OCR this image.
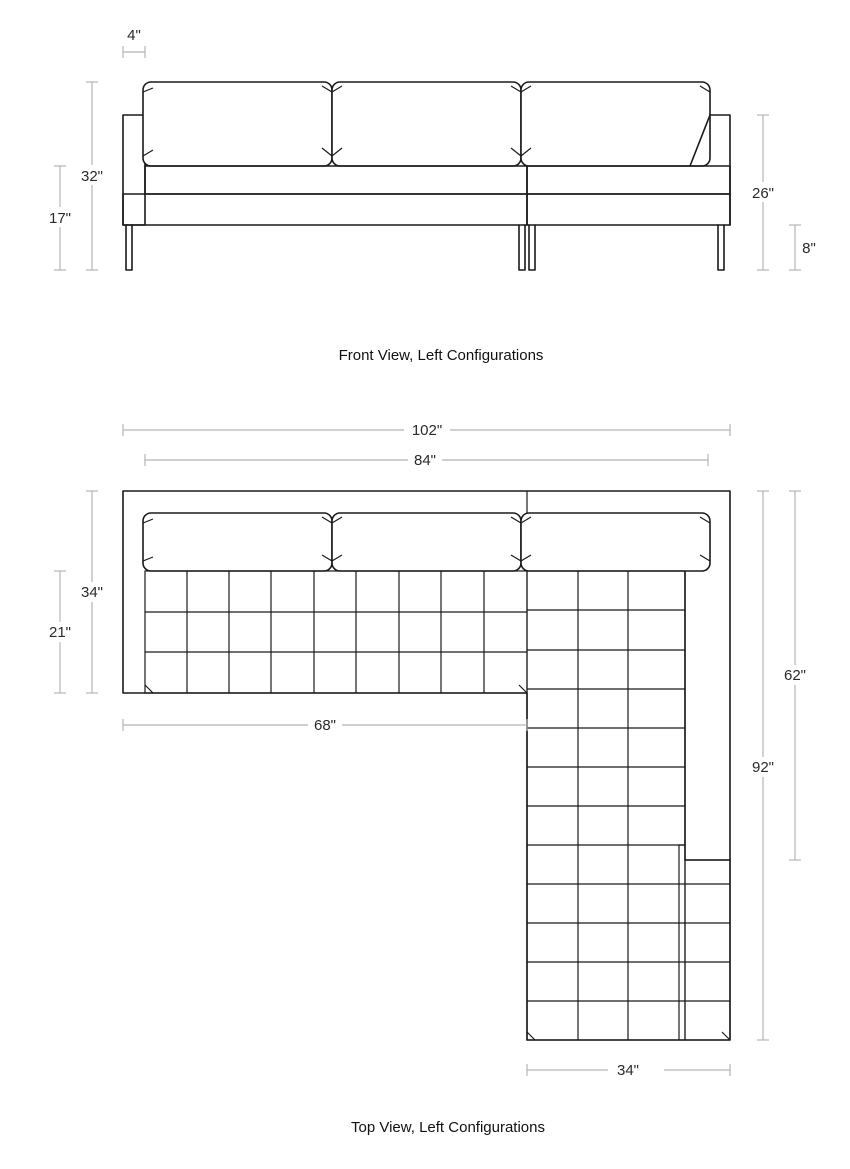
4"
32"
17"
26"
8"
Front View, Left Configurations
102"
84"
34"
21"
68"
62"
92"
34"
Top View, Left Configurations
